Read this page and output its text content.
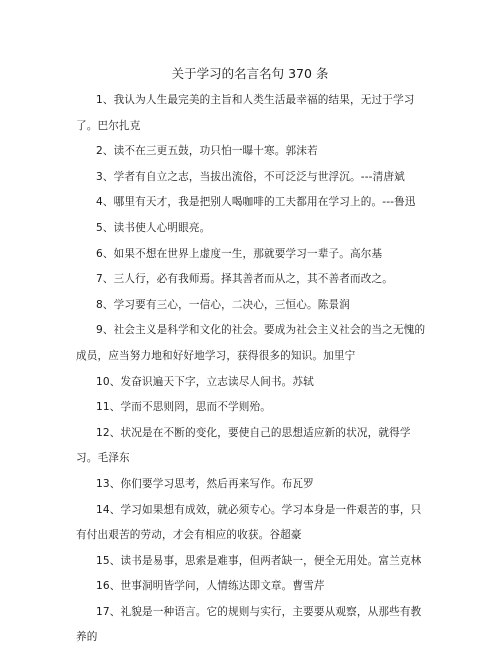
关于学习的名言名句 370 条

1、我认为人生最完美的主旨和人类生活最幸福的结果，无过于学习了。巴尔扎克

2、读不在三更五鼓，功只怕一曝十寒。郭沫若

3、学者有自立之志，当拔出流俗，不可泛泛与世浮沉。---清唐斌

4、哪里有天才，我是把别人喝咖啡的工夫都用在学习上的。---鲁迅

5、读书使人心明眼亮。

6、如果不想在世界上虚度一生，那就要学习一辈子。高尔基

7、三人行，必有我师焉。择其善者而从之，其不善者而改之。

8、学习要有三心，一信心，二决心，三恒心。陈景润

9、社会主义是科学和文化的社会。要成为社会主义社会的当之无愧的成员，应当努力地和好好地学习，获得很多的知识。加里宁

10、发奋识遍天下字，立志读尽人间书。苏轼

11、学而不思则罔，思而不学则殆。

12、状况是在不断的变化，要使自己的思想适应新的状况，就得学习。毛泽东

13、你们要学习思考，然后再来写作。布瓦罗

14、学习如果想有成效，就必须专心。学习本身是一件艰苦的事，只有付出艰苦的劳动，才会有相应的收获。谷超豪

15、读书是易事，思索是难事，但两者缺一，便全无用处。富兰克林

16、世事洞明皆学问，人情练达即文章。曹雪芹

17、礼貌是一种语言。它的规则与实行，主要要从观察，从那些有教养的
